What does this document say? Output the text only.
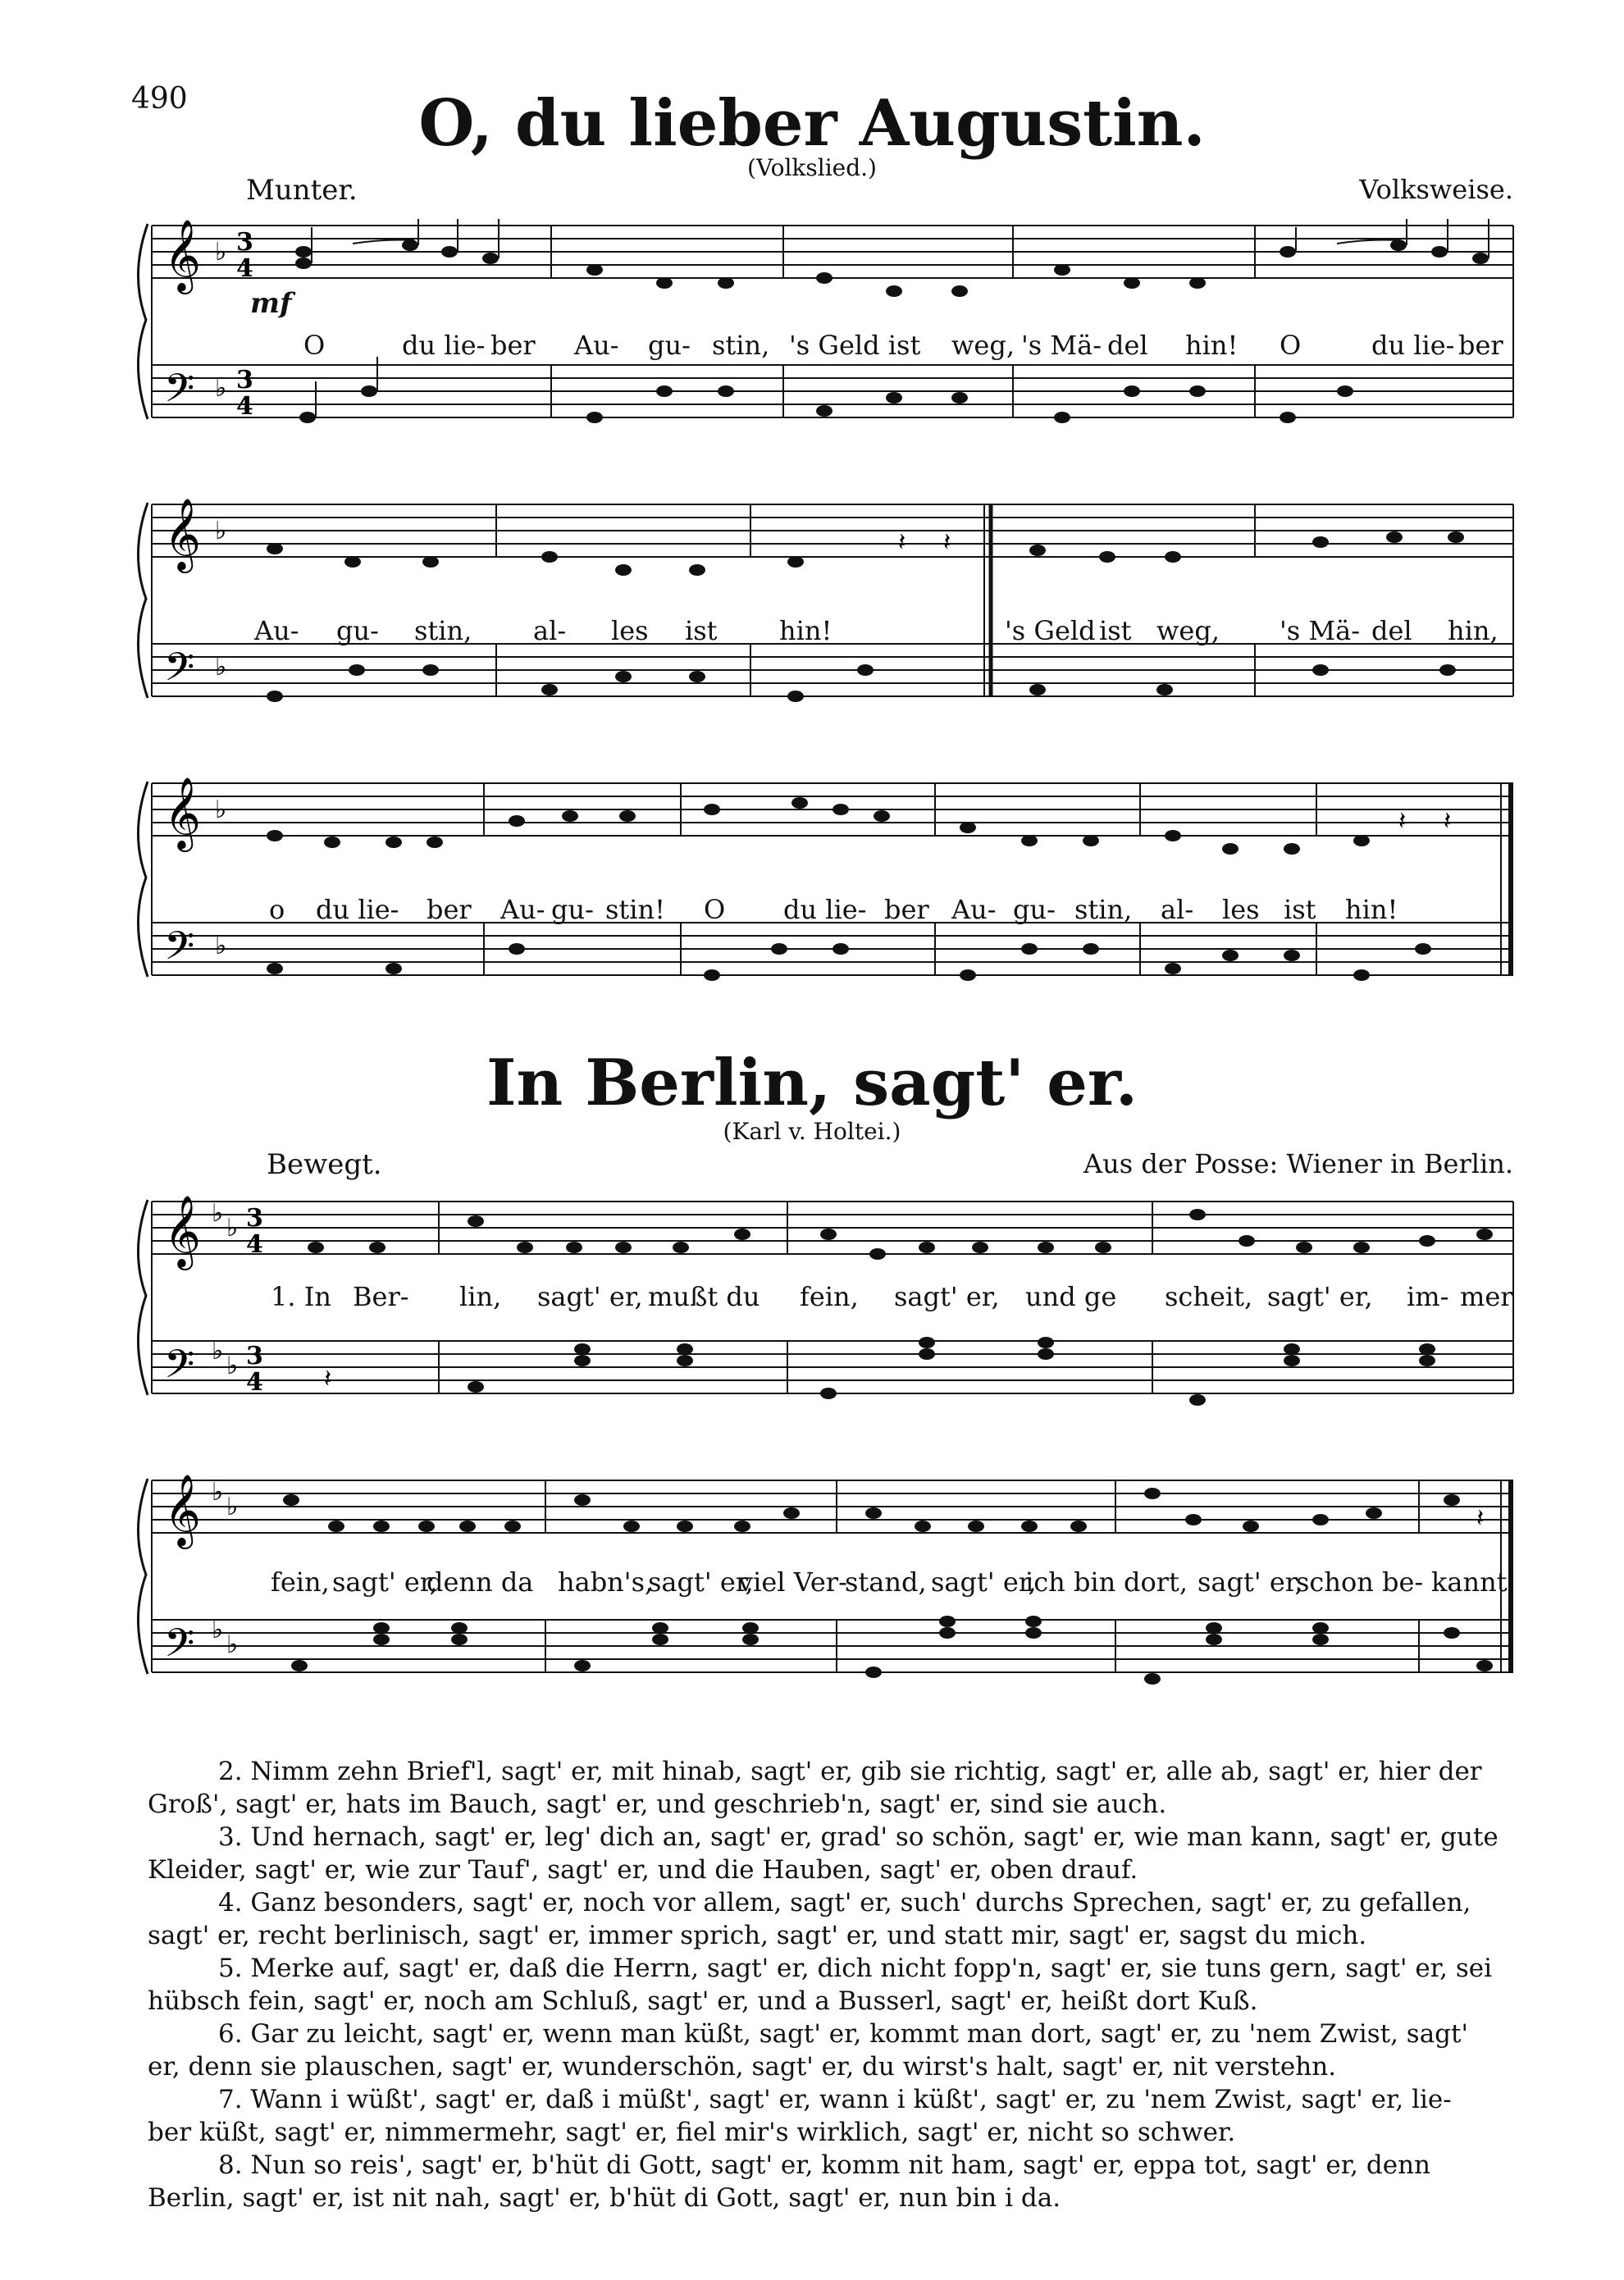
490	O, du lieber Augustin.
(Volkslied.)
Munter.	Volksweise.
mf
𝄞
𝄢
♭
♭
3
4
3
4
𝄞
𝄢
♭
♭
𝄽 𝄽
𝄞
𝄢
♭
♭
𝄽 𝄽
O	du lie- ber Au- gu- stin, 's Geld ist weg, 's Mä- del hin! O	du lie- ber
Au- gu- stin, al- les ist hin!	's Geld ist weg, 's Mä- del hin,
o du lie- ber Au- gu- stin! O du lie- ber Au- gu- stin, al- les ist hin!
In Berlin, sagt' er.
(Karl v. Holtei.)
Bewegt.	Aus der Posse: Wiener in Berlin.
𝄞
𝄢
♭
♭
♭
♭
3
4
3
4 𝄽
𝄞
𝄢
♭
♭
♭
♭
𝄽
1. In Ber- lin, sagt' er, mußt du fein, sagt' er, und ge scheit, sagt' er, im- mer
fein, sagt' er,
denn da habn's,
sagt' er,
viel Ver-
stand, sagt' er,
ich bin dort, sagt' er,
schon be- kannt.

2. Nimm zehn Brief'l, sagt' er, mit hinab, sagt' er, gib sie richtig, sagt' er, alle ab, sagt' er, hier der Groß', sagt' er, hats im Bauch, sagt' er, und geschrieb'n, sagt' er, sind sie auch.

3. Und hernach, sagt' er, leg' dich an, sagt' er, grad' so schön, sagt' er, wie man kann, sagt' er, gute Kleider, sagt' er, wie zur Tauf', sagt' er, und die Hauben, sagt' er, oben drauf.

4. Ganz besonders, sagt' er, noch vor allem, sagt' er, such' durchs Sprechen, sagt' er, zu gefallen, sagt' er, recht berlinisch, sagt' er, immer sprich, sagt' er, und statt mir, sagt' er, sagst du mich.

5. Merke auf, sagt' er, daß die Herrn, sagt' er, dich nicht fopp'n, sagt' er, sie tuns gern, sagt' er, sei hübsch fein, sagt' er, noch am Schluß, sagt' er, und a Busserl, sagt' er, heißt dort Kuß.

6. Gar zu leicht, sagt' er, wenn man küßt, sagt' er, kommt man dort, sagt' er, zu 'nem Zwist, sagt' er, denn sie plauschen, sagt' er, wunderschön, sagt' er, du wirst's halt, sagt' er, nit verstehn.

7. Wann i wüßt', sagt' er, daß i müßt', sagt' er, wann i küßt', sagt' er, zu 'nem Zwist, sagt' er, lie- ber küßt, sagt' er, nimmermehr, sagt' er, fiel mir's wirklich, sagt' er, nicht so schwer.

8. Nun so reis', sagt' er, b'hüt di Gott, sagt' er, komm nit ham, sagt' er, eppa tot, sagt' er, denn Berlin, sagt' er, ist nit nah, sagt' er, b'hüt di Gott, sagt' er, nun bin i da.
